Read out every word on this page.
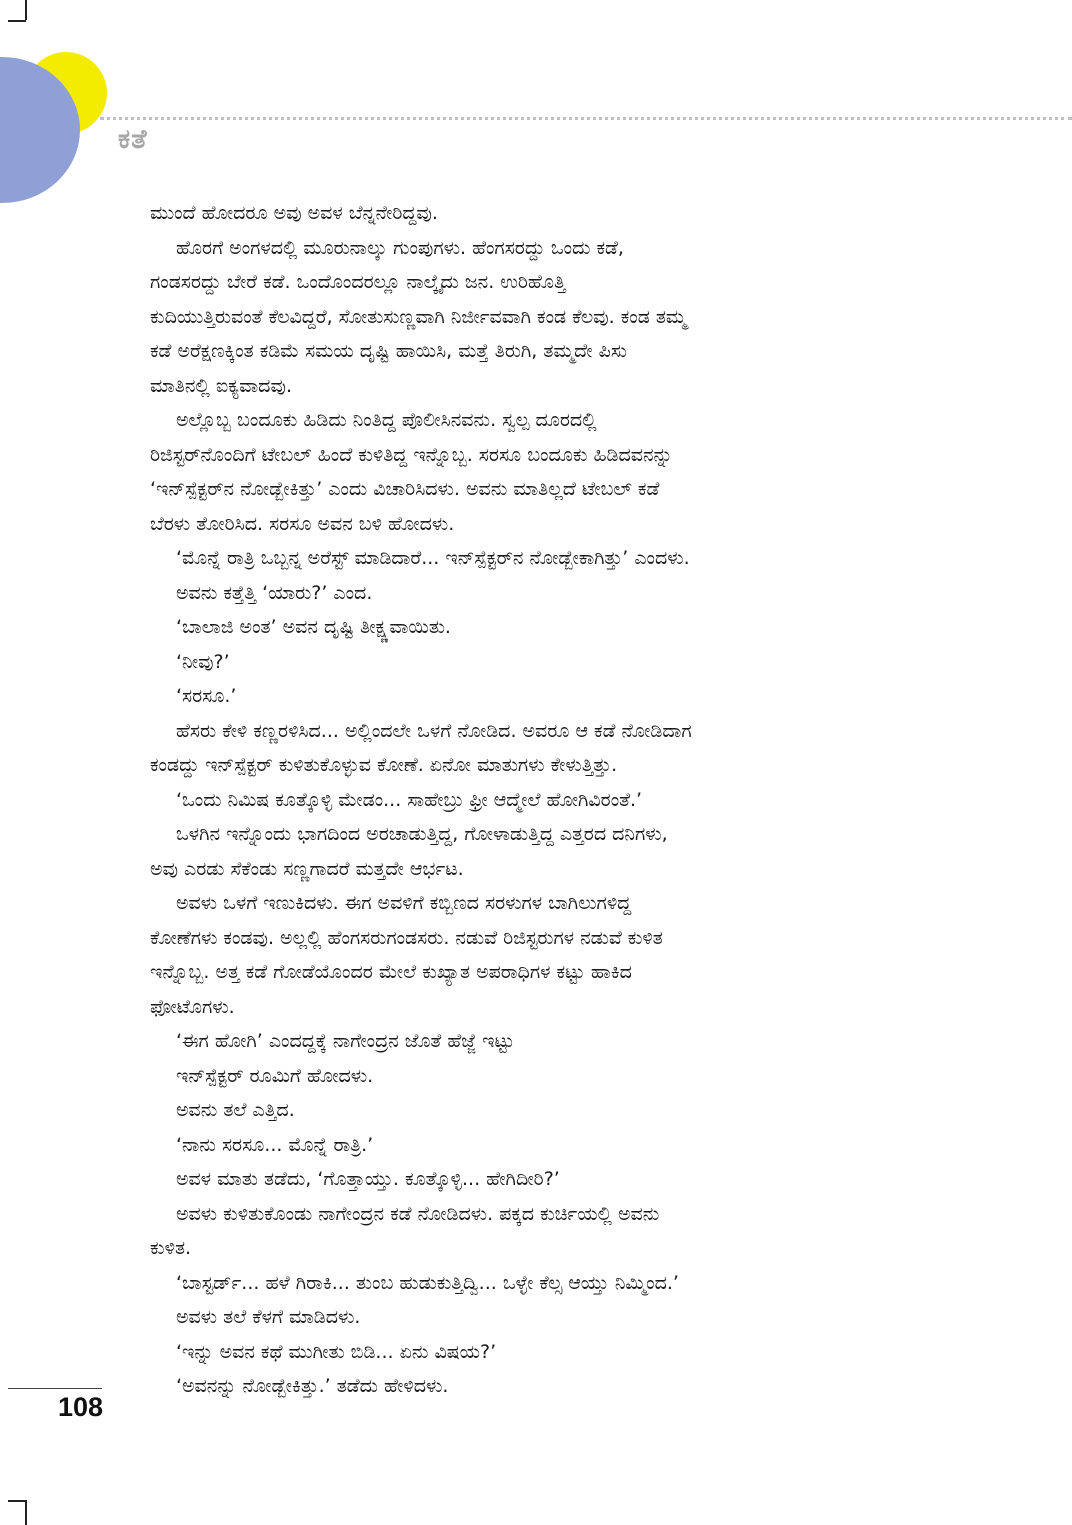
ಕತೆ

ಮುಂದೆ ಹೋದರೂ ಅವು ಅವಳ ಬೆನ್ನನೇರಿದ್ದವು.

ಹೊರಗೆ ಅಂಗಳದಲ್ಲಿ ಮೂರುನಾಲ್ಕು ಗುಂಪುಗಳು. ಹೆಂಗಸರದ್ದು ಒಂದು ಕಡೆ,

ಗಂಡಸರದ್ದು ಬೇರೆ ಕಡೆ. ಒಂದೊಂದರಲ್ಲೂ ನಾಲ್ಕೈದು ಜನ. ಉರಿಹೊತ್ತಿ

ಕುದಿಯುತ್ತಿರುವಂತೆ ಕೆಲವಿದ್ದರೆ, ಸೋತುಸುಣ್ಣವಾಗಿ ನಿರ್ಜೀವವಾಗಿ ಕಂಡ ಕೆಲವು. ಕಂಡ ತಮ್ಮ

ಕಡೆ ಅರೆಕ್ಷಣಕ್ಕಿಂತ ಕಡಿಮೆ ಸಮಯ ದೃಷ್ಟಿ ಹಾಯಿಸಿ, ಮತ್ತೆ ತಿರುಗಿ, ತಮ್ಮದೇ ಪಿಸು

ಮಾತಿನಲ್ಲಿ ಐಕ್ಯವಾದವು.

ಅಲ್ಲೊಬ್ಬ ಬಂದೂಕು ಹಿಡಿದು ನಿಂತಿದ್ದ ಪೊಲೀಸಿನವನು. ಸ್ವಲ್ಪ ದೂರದಲ್ಲಿ

ರಿಜಿಸ್ಟರ್‌ನೊಂದಿಗೆ ಟೇಬಲ್ ಹಿಂದೆ ಕುಳಿತಿದ್ದ ಇನ್ನೊಬ್ಬ. ಸರಸೂ ಬಂದೂಕು ಹಿಡಿದವನನ್ನು

‘ಇನ್‌ಸ್ಪೆಕ್ಟರ್‌ನ ನೋಡ್ಬೇಕಿತ್ತು’ ಎಂದು ವಿಚಾರಿಸಿದಳು. ಅವನು ಮಾತಿಲ್ಲದೆ ಟೇಬಲ್ ಕಡೆ

ಬೆರಳು ತೋರಿಸಿದ. ಸರಸೂ ಅವನ ಬಳಿ ಹೋದಳು.

‘ಮೊನ್ನೆ ರಾತ್ರಿ ಒಬ್ಬನ್ನ ಅರೆಸ್ಟ್ ಮಾಡಿದಾರೆ... ಇನ್‌ಸ್ಪೆಕ್ಟರ್‌ನ ನೋಡ್ಬೇಕಾಗಿತ್ತು’ ಎಂದಳು.

ಅವನು ಕತ್ತೆತ್ತಿ ‘ಯಾರು?’ ಎಂದ.

‘ಬಾಲಾಜಿ ಅಂತ’ ಅವನ ದೃಷ್ಟಿ ತೀಕ್ಷ್ಣವಾಯಿತು.

‘ನೀವು?’

‘ಸರಸೂ.’

ಹೆಸರು ಕೇಳಿ ಕಣ್ಣರಳಿಸಿದ... ಅಲ್ಲಿಂದಲೇ ಒಳಗೆ ನೋಡಿದ. ಅವರೂ ಆ ಕಡೆ ನೋಡಿದಾಗ

ಕಂಡದ್ದು ಇನ್‌ಸ್ಪೆಕ್ಟರ್ ಕುಳಿತುಕೊಳ್ಳುವ ಕೋಣೆ. ಏನೋ ಮಾತುಗಳು ಕೇಳುತ್ತಿತ್ತು.

‘ಒಂದು ನಿಮಿಷ ಕೂತ್ಕೊಳ್ಳಿ ಮೇಡಂ... ಸಾಹೇಬ್ರು ಫ್ರೀ ಆದ್ಮೇಲೆ ಹೋಗಿವಿರಂತೆ.’

ಒಳಗಿನ ಇನ್ನೊಂದು ಭಾಗದಿಂದ ಅರಚಾಡುತ್ತಿದ್ದ, ಗೋಳಾಡುತ್ತಿದ್ದ ಎತ್ತರದ ದನಿಗಳು,

ಅವು ಎರಡು ಸೆಕೆಂಡು ಸಣ್ಣಗಾದರೆ ಮತ್ತದೇ ಆರ್ಭಟ.

ಅವಳು ಒಳಗೆ ಇಣುಕಿದಳು. ಈಗ ಅವಳಿಗೆ ಕಬ್ಬಿಣದ ಸರಳುಗಳ ಬಾಗಿಲುಗಳಿದ್ದ

ಕೋಣೆಗಳು ಕಂಡವು. ಅಲ್ಲಲ್ಲಿ ಹೆಂಗಸರುಗಂಡಸರು. ನಡುವೆ ರಿಜಿಸ್ಟರುಗಳ ನಡುವೆ ಕುಳಿತ

ಇನ್ನೊಬ್ಬ. ಅತ್ತ ಕಡೆ ಗೋಡೆಯೊಂದರ ಮೇಲೆ ಕುಖ್ಯಾತ ಅಪರಾಧಿಗಳ ಕಟ್ಟು ಹಾಕಿದ

ಫೋಟೊಗಳು.

‘ಈಗ ಹೋಗಿ’ ಎಂದದ್ದಕ್ಕೆ ನಾಗೇಂದ್ರನ ಜೊತೆ ಹೆಜ್ಜೆ ಇಟ್ಟು

ಇನ್‌ಸ್ಪೆಕ್ಟರ್ ರೂಮಿಗೆ ಹೋದಳು.

ಅವನು ತಲೆ ಎತ್ತಿದ.

‘ನಾನು ಸರಸೂ... ಮೊನ್ನೆ ರಾತ್ರಿ.’

ಅವಳ ಮಾತು ತಡೆದು, ‘ಗೊತ್ತಾಯ್ತು. ಕೂತ್ಕೊಳ್ಳಿ... ಹೇಗಿದೀರಿ?’

ಅವಳು ಕುಳಿತುಕೊಂಡು ನಾಗೇಂದ್ರನ ಕಡೆ ನೋಡಿದಳು. ಪಕ್ಕದ ಕುರ್ಚಿಯಲ್ಲಿ ಅವನು

ಕುಳಿತ.

‘ಬಾಸ್ಟರ್ಡ್... ಹಳೆ ಗಿರಾಕಿ... ತುಂಬ ಹುಡುಕುತ್ತಿದ್ವಿ... ಒಳ್ಳೇ ಕೆಲ್ಸ ಆಯ್ತು ನಿಮ್ಮಿಂದ.’

ಅವಳು ತಲೆ ಕೆಳಗೆ ಮಾಡಿದಳು.

‘ಇನ್ನು ಅವನ ಕಥೆ ಮುಗೀತು ಬಿಡಿ... ಏನು ವಿಷಯ?’

‘ಅವನನ್ನು ನೋಡ್ಬೇಕಿತ್ತು.’ ತಡೆದು ಹೇಳಿದಳು.

108
